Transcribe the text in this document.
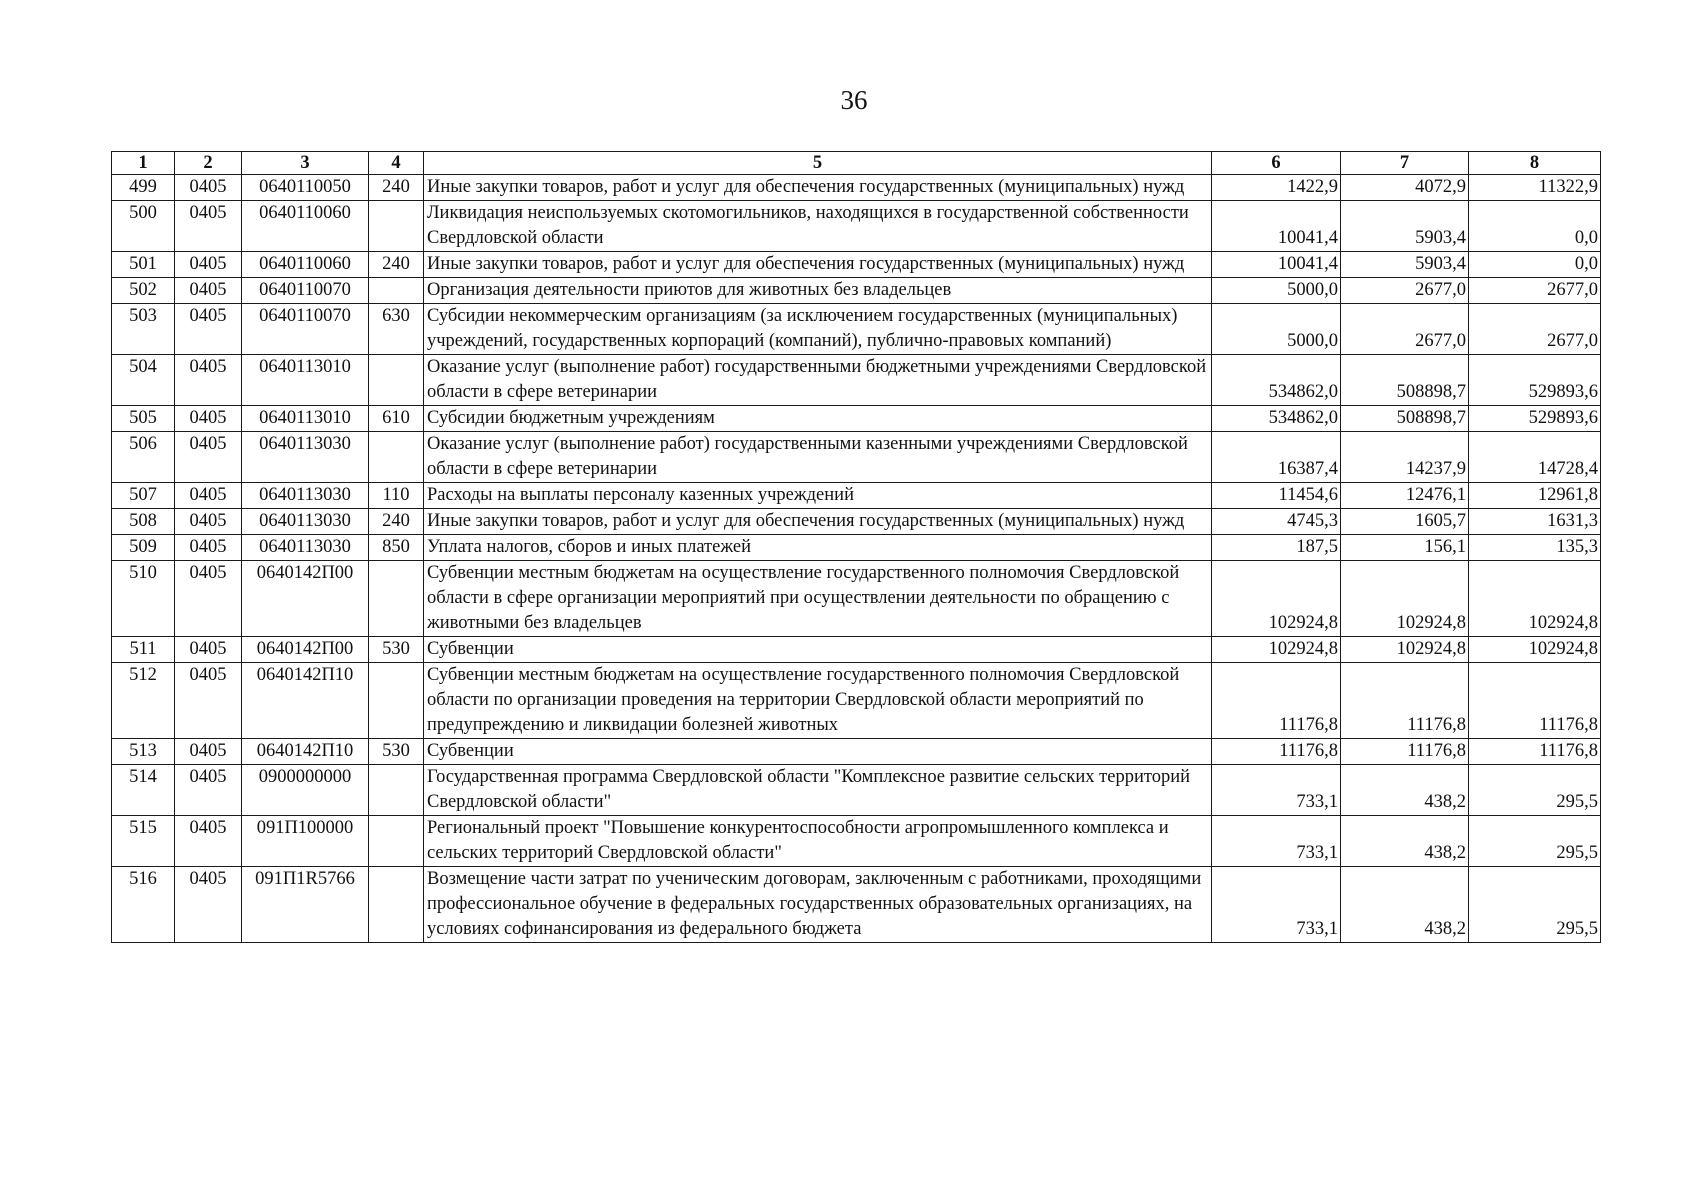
36
1	2	3	4	5	6	7	8
499	0405	0640110050	240	Иные закупки товаров, работ и услуг для обеспечения государственных (муниципальных) нужд	1422,9	4072,9	11322,9
500	0405	0640110060		Ликвидация неиспользуемых скотомогильников, находящихся в государственной собственности Свердловской области	10041,4	5903,4	0,0
501	0405	0640110060	240	Иные закупки товаров, работ и услуг для обеспечения государственных (муниципальных) нужд	10041,4	5903,4	0,0
502	0405	0640110070		Организация деятельности приютов для животных без владельцев	5000,0	2677,0	2677,0
503	0405	0640110070	630	Субсидии некоммерческим организациям (за исключением государственных (муниципальных) учреждений, государственных корпораций (компаний), публично-правовых компаний)	5000,0	2677,0	2677,0
504	0405	0640113010		Оказание услуг (выполнение работ) государственными бюджетными учреждениями Свердловской области в сфере ветеринарии	534862,0	508898,7	529893,6
505	0405	0640113010	610	Субсидии бюджетным учреждениям	534862,0	508898,7	529893,6
506	0405	0640113030		Оказание услуг (выполнение работ) государственными казенными учреждениями Свердловской области в сфере ветеринарии	16387,4	14237,9	14728,4
507	0405	0640113030	110	Расходы на выплаты персоналу казенных учреждений	11454,6	12476,1	12961,8
508	0405	0640113030	240	Иные закупки товаров, работ и услуг для обеспечения государственных (муниципальных) нужд	4745,3	1605,7	1631,3
509	0405	0640113030	850	Уплата налогов, сборов и иных платежей	187,5	156,1	135,3
510	0405	0640142П00		Субвенции местным бюджетам на осуществление государственного полномочия Свердловской области в сфере организации мероприятий при осуществлении деятельности по обращению с животными без владельцев	102924,8	102924,8	102924,8
511	0405	0640142П00	530	Субвенции	102924,8	102924,8	102924,8
512	0405	0640142П10		Субвенции местным бюджетам на осуществление государственного полномочия Свердловской области по организации проведения на территории Свердловской области мероприятий по предупреждению и ликвидации болезней животных	11176,8	11176,8	11176,8
513	0405	0640142П10	530	Субвенции	11176,8	11176,8	11176,8
514	0405	0900000000		Государственная программа Свердловской области "Комплексное развитие сельских территорий Свердловской области"	733,1	438,2	295,5
515	0405	091П100000		Региональный проект "Повышение конкурентоспособности агропромышленного комплекса и сельских территорий Свердловской области"	733,1	438,2	295,5
516	0405	091П1R5766		Возмещение части затрат по ученическим договорам, заключенным с работниками, проходящими профессиональное обучение в федеральных государственных образовательных организациях, на условиях софинансирования из федерального бюджета	733,1	438,2	295,5
